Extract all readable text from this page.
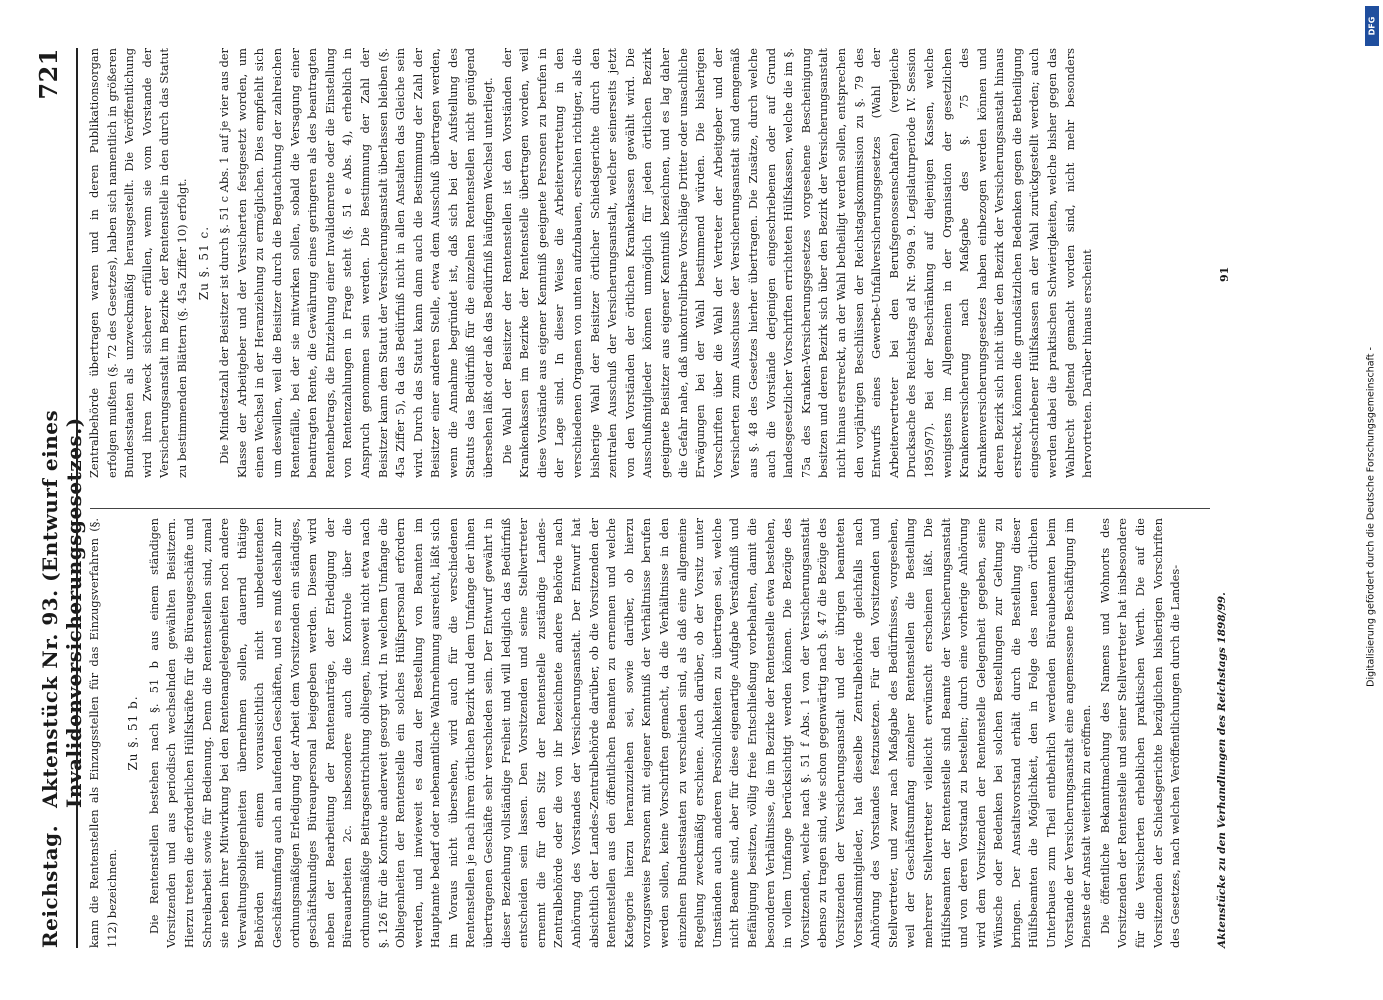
Reichstag.
Aktenstück Nr. 93. (Entwurf eines Invalidenversicherungsgesetzes.)
721

kann die Rentenstellen als Einzugsstellen für das Einzugsverfahren (§. 112) bezeichnen.

Zu §. 51 b. Die Rentenstellen bestehen nach §. 51 b aus einem ständigen Vorsitzenden und aus periodisch wechselnden gewählten Beisitzern. Hierzu treten die erforderlichen Hülfskräfte für die Büreaugeschäfte und Schreibarbeit sowie für Bedienung. Denn die Rentenstellen sind, zumal sie neben ihrer Mitwirkung bei den Rentenangelegenheiten noch andere Verwaltungsobliegenheiten übernehmen sollen, dauernd thätige Behörden mit einem voraussichtlich nicht unbedeutenden Geschäftsumfang auch an laufenden Geschäften, und es muß deshalb zur ordnungsmäßigen Erledigung der Arbeit dem Vorsitzenden ein ständiges, geschäftskundiges Büreaupersonal beigegeben werden. Diesem wird neben der Bearbeitung der Rentenanträge, der Erledigung der Büreauarbeiten 2c. insbesondere auch die Kontrole über die ordnungsmäßige Beitragsentrichtung obliegen, insoweit nicht etwa nach §. 126 für die Kontrole anderweit gesorgt wird. In welchem Umfange die Obliegenheiten der Rentenstelle ein solches Hülfspersonal erfordern werden, und inwieweit es dazu der Bestellung von Beamten im Hauptamte bedarf oder nebenamtliche Wahrnehmung ausreicht, läßt sich im Voraus nicht übersehen, wird auch für die verschiedenen Rentenstellen je nach ihrem örtlichen Bezirk und dem Umfange der ihnen übertragenen Geschäfte sehr verschieden sein. Der Entwurf gewährt in dieser Beziehung vollständige Freiheit und will lediglich das Bedürfniß entscheiden sein lassen. Den Vorsitzenden und seine Stellvertreter ernennt die für den Sitz der Rentenstelle zuständige Landes-Zentralbehörde oder die von ihr bezeichnete andere Behörde nach Anhörung des Vorstandes der Versicherungsanstalt. Der Entwurf hat absichtlich der Landes-Zentralbehörde darüber, ob die Vorsitzenden der Rentenstellen aus den öffentlichen Beamten zu ernennen und welche Kategorie hierzu heranzuziehen sei, sowie darüber, ob hierzu vorzugsweise Personen mit eigener Kenntniß der Verhältnisse berufen werden sollen, keine Vorschriften gemacht, da die Verhältnisse in den einzelnen Bundesstaaten zu verschieden sind, als daß eine allgemeine Regelung zweckmäßig erschiene. Auch darüber, ob der Vorsitz unter Umständen auch anderen Persönlichkeiten zu übertragen sei, welche nicht Beamte sind, aber für diese eigenartige Aufgabe Verständniß und Befähigung besitzen, völlig freie Entschließung vorbehalten, damit die besonderen Verhältnisse, die im Bezirke der Rentenstelle etwa bestehen, in vollem Umfange berücksichtigt werden können. Die Bezüge des Vorsitzenden, welche nach §. 51 f Abs. 1 von der Versicherungsanstalt ebenso zu tragen sind, wie schon gegenwärtig nach §. 47 die Bezüge des Vorsitzenden der Versicherungsanstalt und der übrigen beamteten Vorstandsmitglieder, hat dieselbe Zentralbehörde gleichfalls nach Anhörung des Vorstandes festzusetzen. Für den Vorsitzenden und Stellvertreter, und zwar nach Maßgabe des Bedürfnisses, vorgesehen, weil der Geschäftsumfang einzelner Rentenstellen die Bestellung mehrerer Stellvertreter vielleicht erwünscht erscheinen läßt. Die Hülfsbeamten der Rentenstelle sind Beamte der Versicherungsanstalt und von deren Vorstand zu bestellen; durch eine vorherige Anhörung wird dem Vorsitzenden der Rentenstelle Gelegenheit gegeben, seine Wünsche oder Bedenken bei solchen Bestellungen zur Geltung zu bringen. Der Anstaltsvorstand erhält durch die Bestellung dieser Hülfsbeamten die Möglichkeit, den in Folge des neuen örtlichen Unterbaues zum Theil entbehrlich werdenden Büreaubeamten beim Vorstande der Versicherungsanstalt eine angemessene Beschäftigung im Dienste der Anstalt weiterhin zu eröffnen. Die öffentliche Bekanntmachung des Namens und Wohnorts des Vorsitzenden der Rentenstelle und seiner Stellvertreter hat insbesondere für die Versicherten erheblichen praktischen Werth. Die auf die Vorsitzenden der Schiedsgerichte bezüglichen bisherigen Vorschriften des Gesetzes, nach welchen Veröffentlichungen durch die Landes-

Zentralbehörde übertragen waren und in deren Publikationsorgan erfolgen mußten (§. 72 des Gesetzes), haben sich namentlich in größeren Bundesstaaten als unzweckmäßig herausgestellt. Die Veröffentlichung wird ihren Zweck sicherer erfüllen, wenn sie vom Vorstande der Versicherungsanstalt im Bezirke der Rentenstelle in den durch das Statut zu bestimmenden Blättern (§. 45a Ziffer 10) erfolgt. Zu §. 51 c. Die Mindestzahl der Beisitzer ist durch §. 51 c Abs. 1 auf je vier aus der Klasse der Arbeitgeber und der Versicherten festgesetzt worden, um einen Wechsel in der Heranziehung zu ermöglichen. Dies empfiehlt sich um deswillen, weil die Beisitzer durch die Begutachtung der zahlreichen Rentenfälle, bei der sie mitwirken sollen, sobald die Versagung einer beantragten Rente, die Gewährung eines geringeren als des beantragten Rentenbetrags, die Entziehung einer Invalidenrente oder die Einstellung von Rentenzahlungen in Frage steht (§. 51 e Abs. 4), erheblich in Anspruch genommen sein werden. Die Bestimmung der Zahl der Beisitzer kann dem Statut der Versicherungsanstalt überlassen bleiben (§. 45a Ziffer 5), da das Bedürfniß nicht in allen Anstalten das Gleiche sein wird. Durch das Statut kann dann auch die Bestimmung der Zahl der Beisitzer einer anderen Stelle, etwa dem Ausschuß übertragen werden, wenn die Annahme begründet ist, daß sich bei der Aufstellung des Statuts das Bedürfniß für die einzelnen Rentenstellen nicht genügend übersehen läßt oder daß das Bedürfniß häufigem Wechsel unterliegt. Die Wahl der Beisitzer der Rentenstellen ist den Vorständen der Krankenkassen im Bezirke der Rentenstelle übertragen worden, weil diese Vorstände aus eigener Kenntniß geeignete Personen zu berufen in der Lage sind. In dieser Weise die Arbeitervertretung in den verschiedenen Organen von unten aufzubauen, erschien richtiger, als die bisherige Wahl der Beisitzer örtlicher Schiedsgerichte durch den zentralen Ausschuß der Versicherungsanstalt, welcher seinerseits jetzt von den Vorständen der örtlichen Krankenkassen gewählt wird. Die Ausschußmitglieder können unmöglich für jeden örtlichen Bezirk geeignete Beisitzer aus eigener Kenntniß bezeichnen, und es lag daher die Gefahr nahe, daß unkontrolirbare Vorschläge Dritter oder unsachliche Erwägungen bei der Wahl bestimmend würden. Die bisherigen Vorschriften über die Wahl der Vertreter der Arbeitgeber und der Versicherten zum Ausschusse der Versicherungsanstalt sind demgemäß aus §. 48 des Gesetzes hierher übertragen. Die Zusätze, durch welche auch die Vorstände derjenigen eingeschriebenen oder auf Grund landesgesetzlicher Vorschriften errichteten Hülfskassen, welche die im §. 75a des Kranken-Versicherungsgesetzes vorgesehene Bescheinigung besitzen und deren Bezirk sich über den Bezirk der Versicherungsanstalt nicht hinaus erstreckt, an der Wahl betheiligt werden sollen, entsprechen den vorjährigen Beschlüssen der Reichstagskommission zu §. 79 des Entwurfs eines Gewerbe-Unfallversicherungsgesetzes (Wahl der Arbeitervertreter bei den Berufsgenossenschaften) (vergleiche Drucksache des Reichstags ad Nr. 909a 9. Legislaturperiode IV. Session 1895/97). Bei der Beschränkung auf diejenigen Kassen, welche wenigstens im Allgemeinen in der Organisation der gesetzlichen Krankenversicherung nach Maßgabe des §. 75 des Krankenversicherungsgesetzes haben einbezogen werden können und deren Bezirk sich nicht über den Bezirk der Versicherungsanstalt hinaus erstreckt, können die grundsätzlichen Bedenken gegen die Betheiligung eingeschriebener Hülfskassen an der Wahl zurückgestellt werden; auch werden dabei die praktischen Schwierigkeiten, welche bisher gegen das Wahlrecht geltend gemacht worden sind, nicht mehr besonders hervortreten. Darüber hinaus erscheint

Aktenstücke zu den Verhandlungen des Reichstags 1898/99.
91
DFG
Digitalisierung gefördert durch die Deutsche Forschungsgemeinschaft -
